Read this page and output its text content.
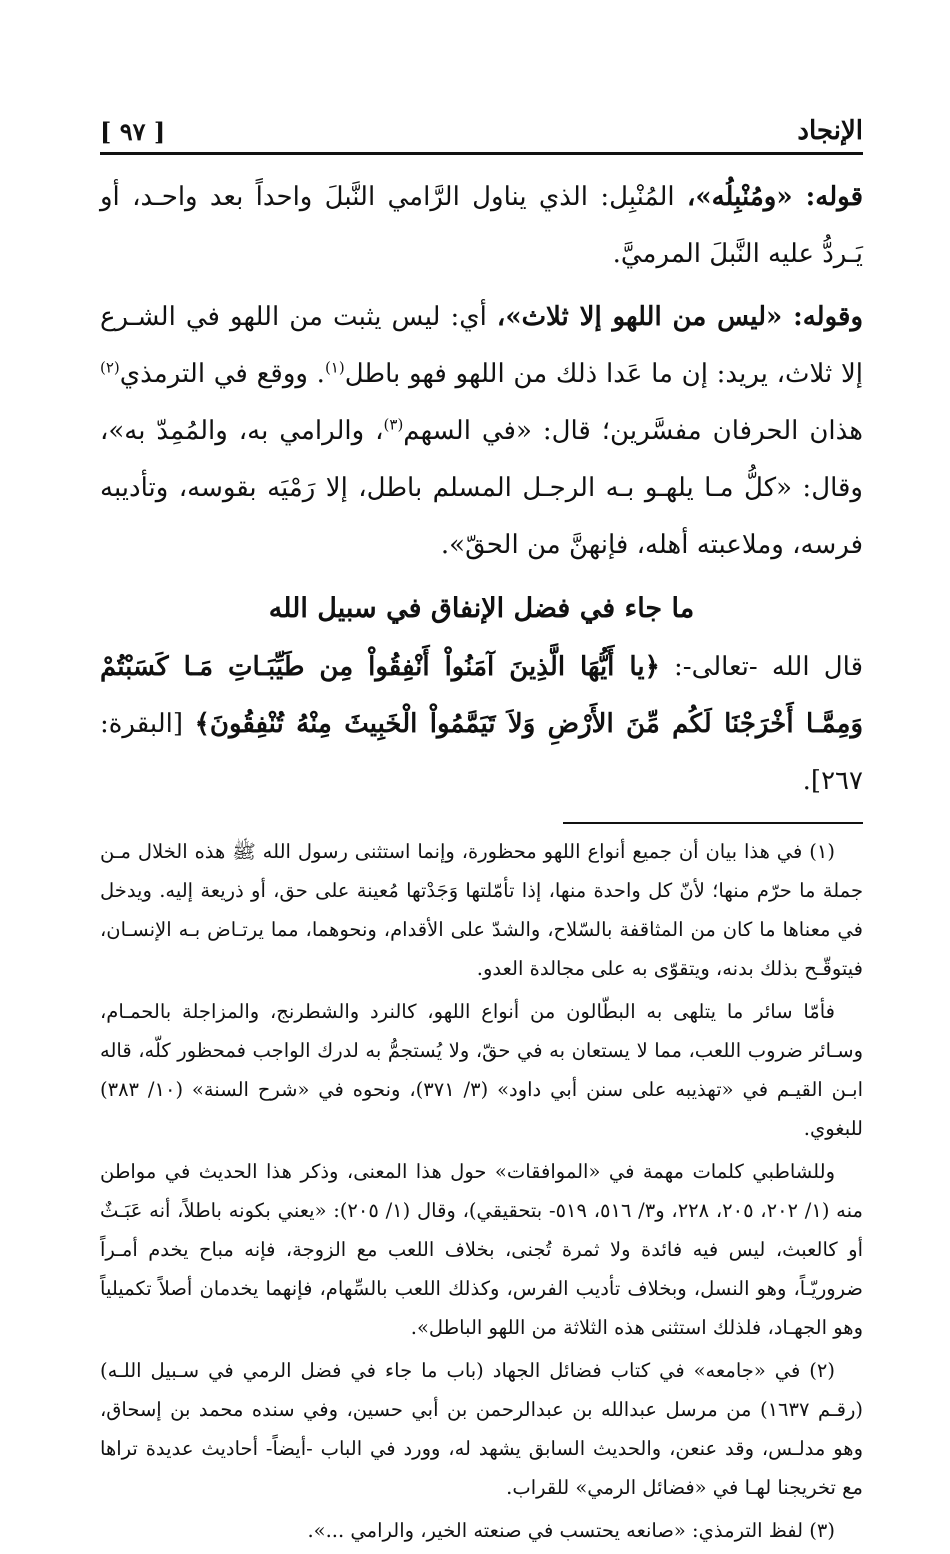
الإنجاد
[ ٩٧ ]

قوله: «ومُنْبِلُه»، المُنْبِل: الذي يناول الرَّامي النَّبلَ واحداً بعد واحـد، أو يَـردُّ عليه النَّبلَ المرميَّ.

وقوله: «ليس من اللهو إلا ثلاث»، أي: ليس يثبت من اللهو في الشـرع إلا ثلاث، يريد: إن ما عَدا ذلك من اللهو فهو باطل$^{(١)}$. ووقع في الترمذي$^{(٢)}$ هذان الحرفان مفسَّرين؛ قال: «في السهم$^{(٣)}$، والرامي به، والمُمِدّ به»، وقال: «كلُّ مـا يلهـو بـه الرجـل المسلم باطل، إلا رَمْيَه بقوسه، وتأديبه فرسه، وملاعبته أهله، فإنهنَّ من الحقّ».

ما جاء في فضل الإنفاق في سبيل الله

قال الله -تعالى-: ﴿يا أَيُّهَا الَّذِينَ آمَنُواْ أَنْفِقُواْ مِن طَيِّبَـاتِ مَـا كَسَبْتُمْ وَمِمَّـا أَخْرَجْنَا لَكُم مِّنَ الأَرْضِ وَلاَ تَيَمَّمُواْ الْخَبِيثَ مِنْهُ تُنْفِقُونَ﴾ [البقرة: ٢٦٧].

(١) في هذا بيان أن جميع أنواع اللهو محظورة، وإنما استثنى رسول الله ﷺ هذه الخلال مـن جملة ما حرّم منها؛ لأنّ كل واحدة منها، إذا تأمّلتها وَجَدْتها مُعينة على حق، أو ذريعة إليه. ويدخل في معناها ما كان من المثاقفة بالسّلاح، والشدّ على الأقدام، ونحوهما، مما يرتـاض بـه الإنسـان، فيتوقّـح بذلك بدنه، ويتقوّى به على مجالدة العدو.

فأمّا سائر ما يتلهى به البطّالون من أنواع اللهو، كالنرد والشطرنج، والمزاجلة بالحمـام، وسـائر ضروب اللعب، مما لا يستعان به في حقّ، ولا يُستجمُّ به لدرك الواجب فمحظور كلّه، قاله ابـن القيـم في «تهذيبه على سنن أبي داود» (٣/ ٣٧١)، ونحوه في «شرح السنة» (١٠/ ٣٨٣) للبغوي.

وللشاطبي كلمات مهمة في «الموافقات» حول هذا المعنى، وذكر هذا الحديث في مواطن منه (١/ ٢٠٢، ٢٠٥، ٢٢٨، و٣/ ٥١٦، ٥١٩- بتحقيقي)، وقال (١/ ٢٠٥): «يعني بكونه باطلاً، أنه عَبَـثٌ أو كالعبث، ليس فيه فائدة ولا ثمرة تُجنى، بخلاف اللعب مع الزوجة، فإنه مباح يخدم أمـراً ضروريّـاً، وهو النسل، وبخلاف تأديب الفرس، وكذلك اللعب بالسِّهام، فإنهما يخدمان أصلاً تكميلياً وهو الجهـاد، فلذلك استثنى هذه الثلاثة من اللهو الباطل».

(٢) في «جامعه» في كتاب فضائل الجهاد (باب ما جاء في فضل الرمي في سـبيل اللـه) (رقـم ١٦٣٧) من مرسل عبدالله بن عبدالرحمن بن أبي حسين، وفي سنده محمد بن إسحاق، وهو مدلـس، وقد عنعن، والحديث السابق يشهد له، وورد في الباب -أيضاً- أحاديث عديدة تراها مع تخريجنا لهـا في «فضائل الرمي» للقراب.

(٣) لفظ الترمذي: «صانعه يحتسب في صنعته الخير، والرامي ...».
